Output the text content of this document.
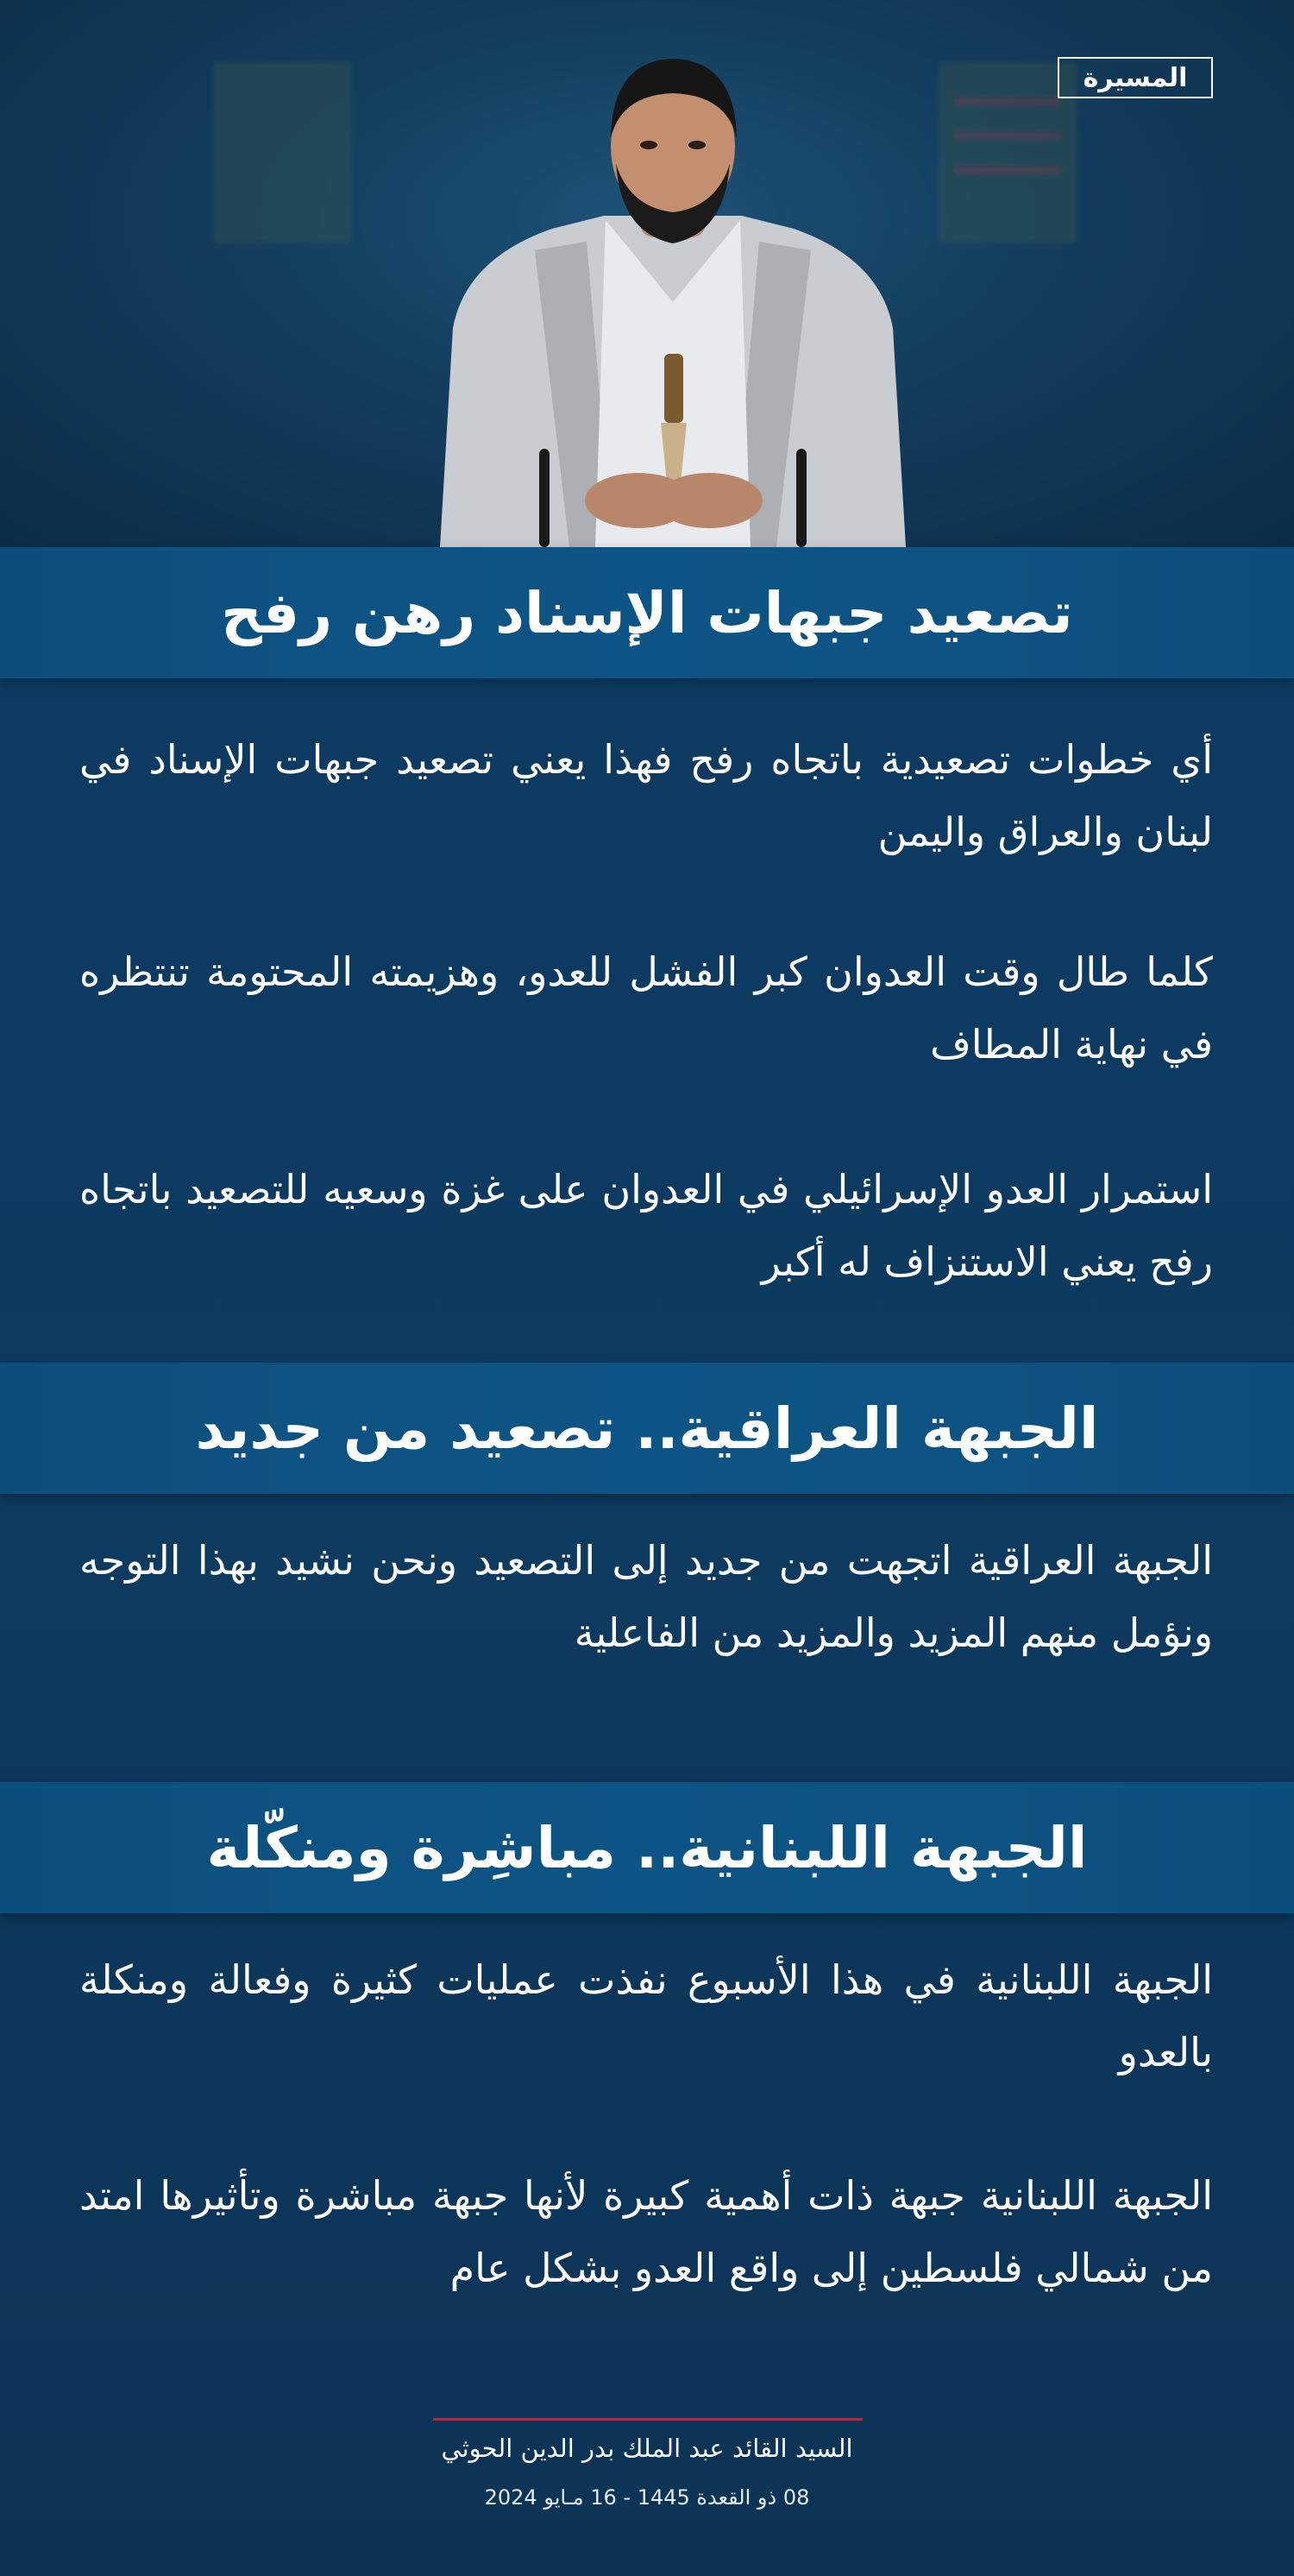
المسيرة
تصعيد جبهات الإسناد رهن رفح

أي خطوات تصعيدية باتجاه رفح فهذا يعني تصعيد جبهات الإسناد في لبنان والعراق واليمن

كلما طال وقت العدوان كبر الفشل للعدو، وهزيمته المحتومة تنتظره في نهاية المطاف

استمرار العدو الإسرائيلي في العدوان على غزة وسعيه للتصعيد باتجاه رفح يعني الاستنزاف له أكبر

الجبهة العراقية.. تصعيد من جديد

الجبهة العراقية اتجهت من جديد إلى التصعيد ونحن نشيد بهذا التوجه ونؤمل منهم المزيد والمزيد من الفاعلية

الجبهة اللبنانية.. مباشِرة ومنكّلة

الجبهة اللبنانية في هذا الأسبوع نفذت عمليات كثيرة وفعالة ومنكلة بالعدو

الجبهة اللبنانية جبهة ذات أهمية كبيرة لأنها جبهة مباشرة وتأثيرها امتد من شمالي فلسطين إلى واقع العدو بشكل عام

السيد القائد عبد الملك بدر الدين الحوثي
08 ذو القعدة 1445 - 16 مـايو 2024
